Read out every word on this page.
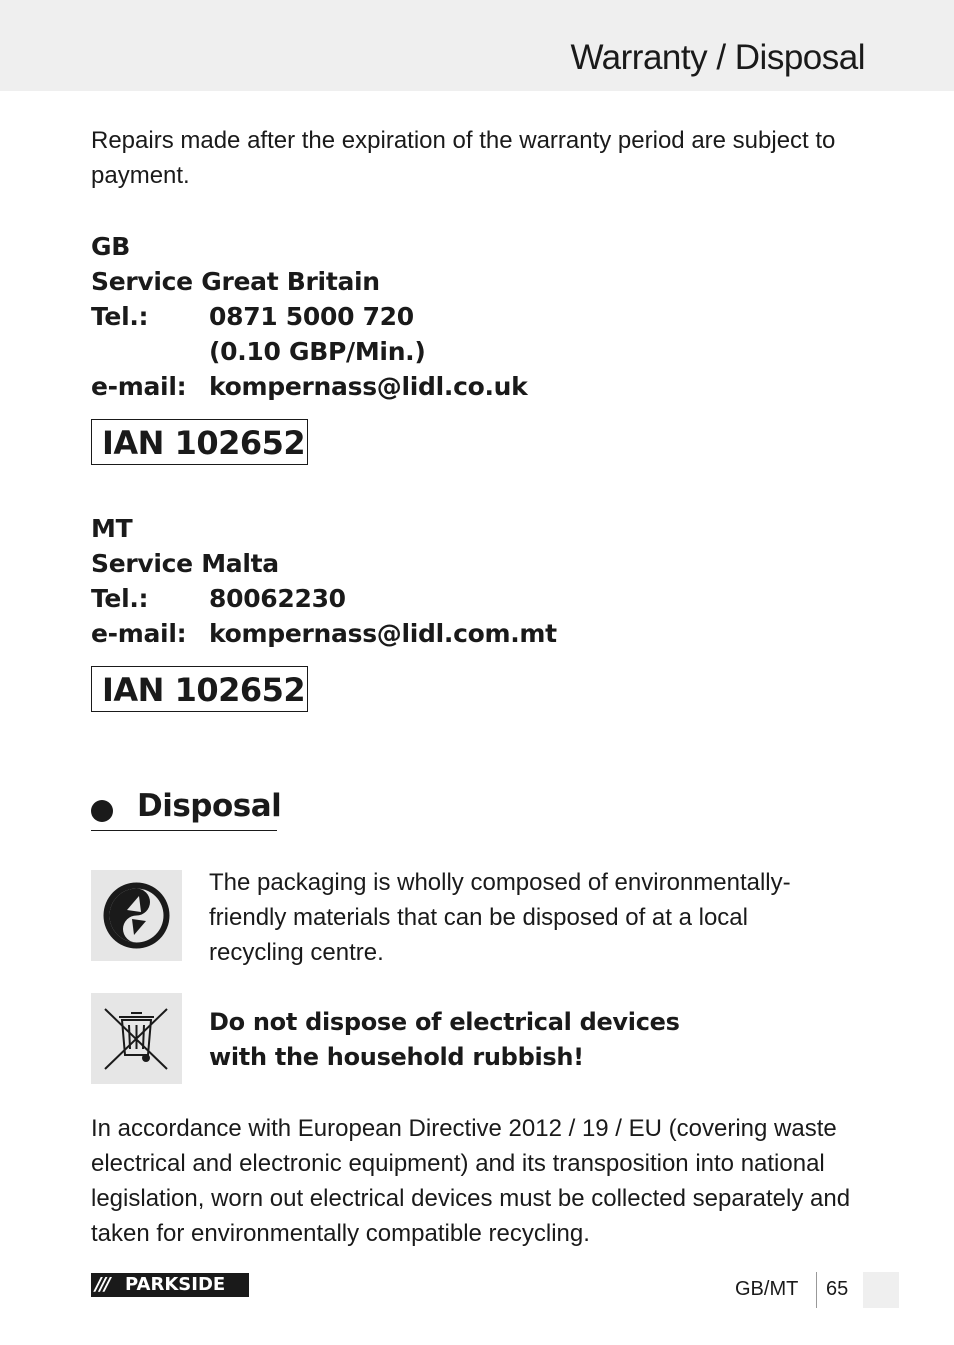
Warranty / Disposal

Repairs made after the expiration of the warranty period are subject to payment.

GB
Service Great Britain
Tel.: 0871 5000 720
(0.10 GBP/Min.)
e-mail: kompernass@lidl.co.uk
IAN 102652
MT
Service Malta
Tel.: 80062230
e-mail: kompernass@lidl.com.mt
IAN 102652
Disposal

The packaging is wholly composed of environmentally-friendly materials that can be disposed of at a local recycling centre.

Do not dispose of electrical devices
with the household rubbish!

In accordance with European Directive 2012 / 19 / EU (covering waste electrical and electronic equipment) and its transposition into national legislation, worn out electrical devices must be collected separately and taken for environmentally compatible recycling.

/// PARKSIDE	GB/MT 65
